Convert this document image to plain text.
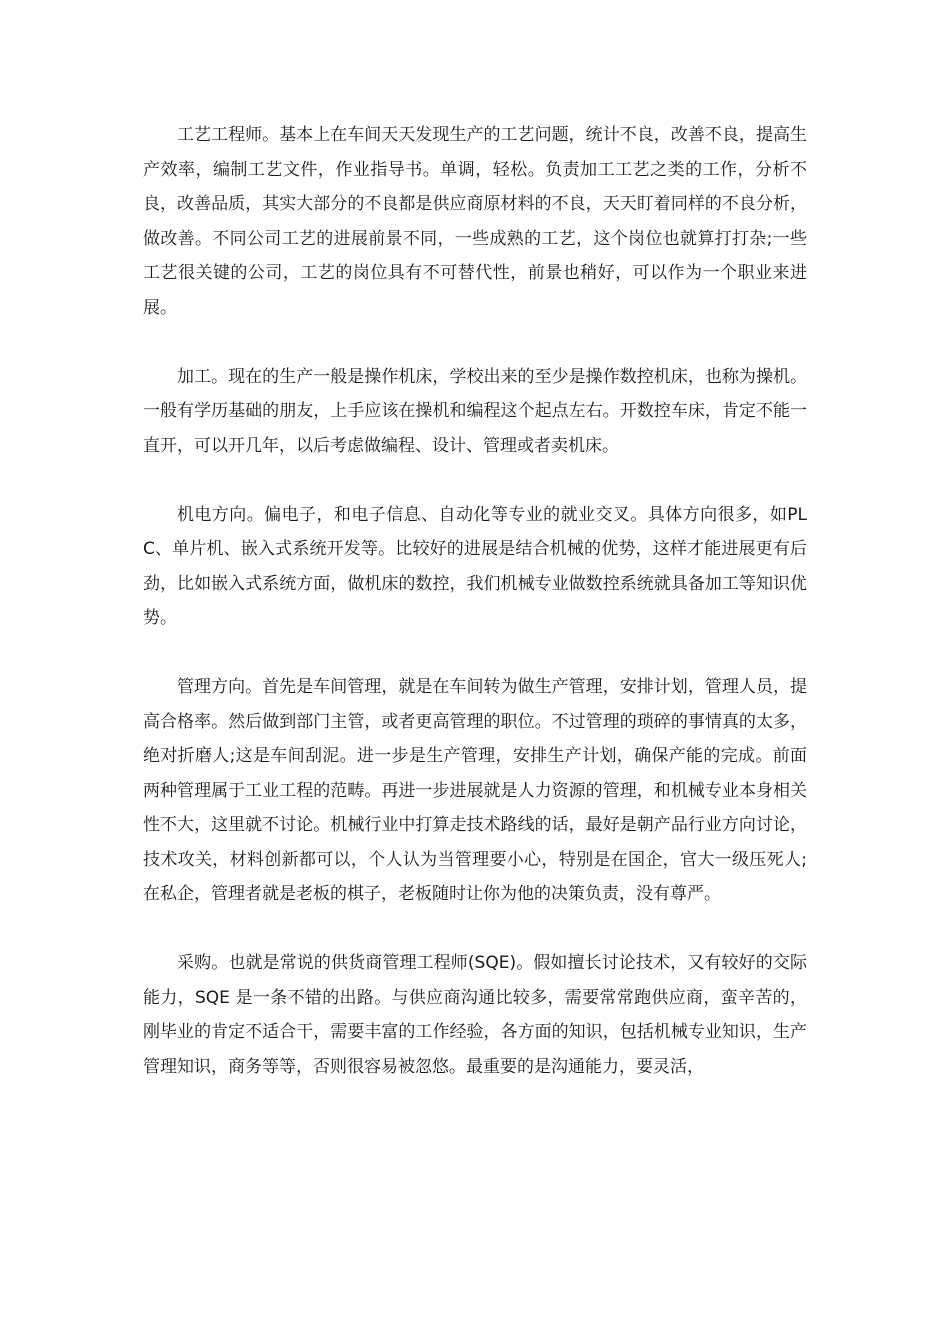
工艺工程师。基本上在车间天天发现生产的工艺问题，统计不良，改善不良，提高生产效率，编制工艺文件，作业指导书。单调，轻松。负责加工工艺之类的工作，分析不良，改善品质，其实大部分的不良都是供应商原材料的不良，天天盯着同样的不良分析，做改善。不同公司工艺的进展前景不同，一些成熟的工艺，这个岗位也就算打打杂;一些工艺很关键的公司，工艺的岗位具有不可替代性，前景也稍好，可以作为一个职业来进展。

加工。现在的生产一般是操作机床，学校出来的至少是操作数控机床，也称为操机。一般有学历基础的朋友，上手应该在操机和编程这个起点左右。开数控车床，肯定不能一直开，可以开几年，以后考虑做编程、设计、管理或者卖机床。

机电方向。偏电子，和电子信息、自动化等专业的就业交叉。具体方向很多，如PLC、单片机、嵌入式系统开发等。比较好的进展是结合机械的优势，这样才能进展更有后劲，比如嵌入式系统方面，做机床的数控，我们机械专业做数控系统就具备加工等知识优势。

管理方向。首先是车间管理，就是在车间转为做生产管理，安排计划，管理人员，提高合格率。然后做到部门主管，或者更高管理的职位。不过管理的琐碎的事情真的太多，绝对折磨人;这是车间刮泥。进一步是生产管理，安排生产计划，确保产能的完成。前面两种管理属于工业工程的范畴。再进一步进展就是人力资源的管理，和机械专业本身相关性不大，这里就不讨论。机械行业中打算走技术路线的话，最好是朝产品行业方向讨论，技术攻关，材料创新都可以，个人认为当管理要小心，特别是在国企，官大一级压死人;在私企，管理者就是老板的棋子，老板随时让你为他的决策负责，没有尊严。

采购。也就是常说的供货商管理工程师(SQE)。假如擅长讨论技术，又有较好的交际能力，SQE 是一条不错的出路。与供应商沟通比较多，需要常常跑供应商，蛮辛苦的，刚毕业的肯定不适合干，需要丰富的工作经验，各方面的知识，包括机械专业知识，生产管理知识，商务等等，否则很容易被忽悠。最重要的是沟通能力，要灵活，
